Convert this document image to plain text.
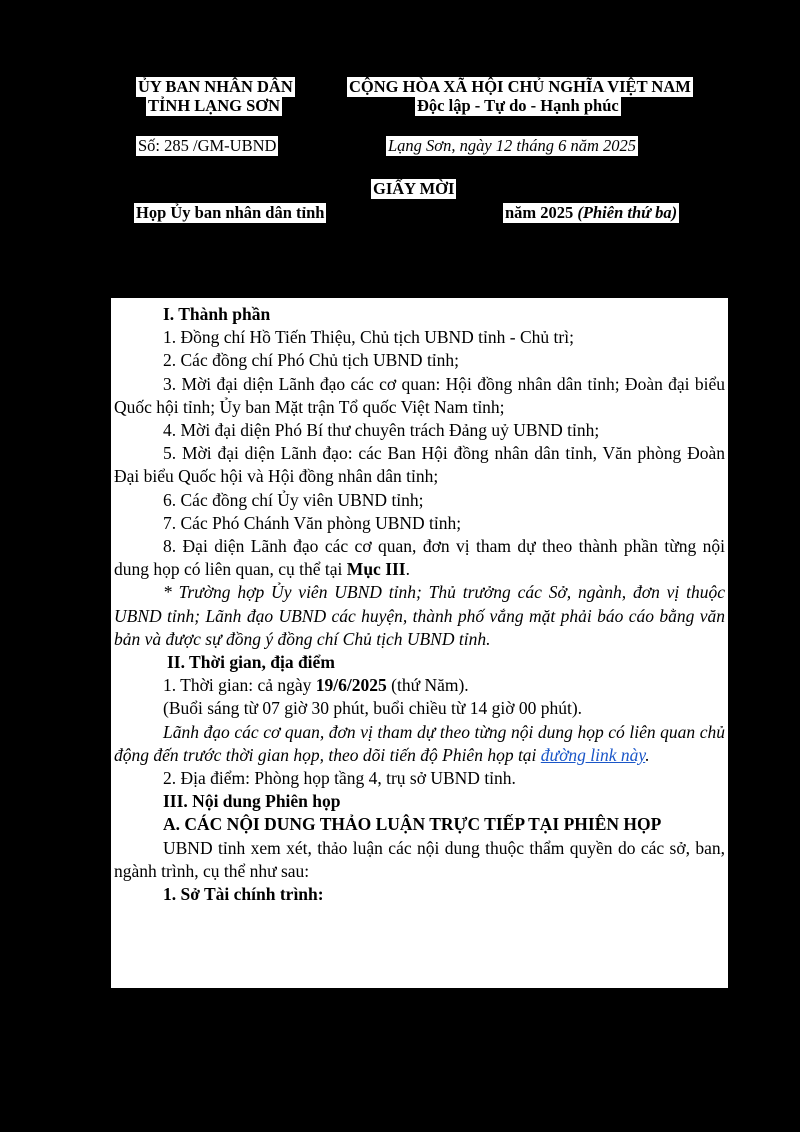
ỦY BAN NHÂN DÂN
TỈNH LẠNG SƠN
CỘNG HÒA XÃ HỘI CHỦ NGHĨA VIỆT NAM
Độc lập - Tự do - Hạnh phúc
Số: 285 /GM-UBND	Lạng Sơn, ngày 12 tháng 6 năm 2025
GIẤY MỜI
Họp Ủy ban nhân dân tỉnh	năm 2025 (Phiên thứ ba)

I. Thành phần

1. Đồng chí Hồ Tiến Thiệu, Chủ tịch UBND tỉnh - Chủ trì;

2. Các đồng chí Phó Chủ tịch UBND tỉnh;

3. Mời đại diện Lãnh đạo các cơ quan: Hội đồng nhân dân tỉnh; Đoàn đại biểu Quốc hội tỉnh; Ủy ban Mặt trận Tổ quốc Việt Nam tỉnh;

4. Mời đại diện Phó Bí thư chuyên trách Đảng uỷ UBND tỉnh;

5. Mời đại diện Lãnh đạo: các Ban Hội đồng nhân dân tỉnh, Văn phòng Đoàn Đại biểu Quốc hội và Hội đồng nhân dân tỉnh;

6. Các đồng chí Ủy viên UBND tỉnh;

7. Các Phó Chánh Văn phòng UBND tỉnh;

8. Đại diện Lãnh đạo các cơ quan, đơn vị tham dự theo thành phần từng nội dung họp có liên quan, cụ thể tại Mục III.

* Trường hợp Ủy viên UBND tỉnh; Thủ trưởng các Sở, ngành, đơn vị thuộc UBND tỉnh; Lãnh đạo UBND các huyện, thành phố vắng mặt phải báo cáo bằng văn bản và được sự đồng ý đồng chí Chủ tịch UBND tỉnh.

II. Thời gian, địa điểm

1. Thời gian: cả ngày 19/6/2025 (thứ Năm).

(Buổi sáng từ 07 giờ 30 phút, buổi chiều từ 14 giờ 00 phút).

Lãnh đạo các cơ quan, đơn vị tham dự theo từng nội dung họp có liên quan chủ động đến trước thời gian họp, theo dõi tiến độ Phiên họp tại đường link này.

2. Địa điểm: Phòng họp tầng 4, trụ sở UBND tỉnh.

III. Nội dung Phiên họp

A. CÁC NỘI DUNG THẢO LUẬN TRỰC TIẾP TẠI PHIÊN HỌP

UBND tỉnh xem xét, thảo luận các nội dung thuộc thẩm quyền do các sở, ban, ngành trình, cụ thể như sau:

1. Sở Tài chính trình:
